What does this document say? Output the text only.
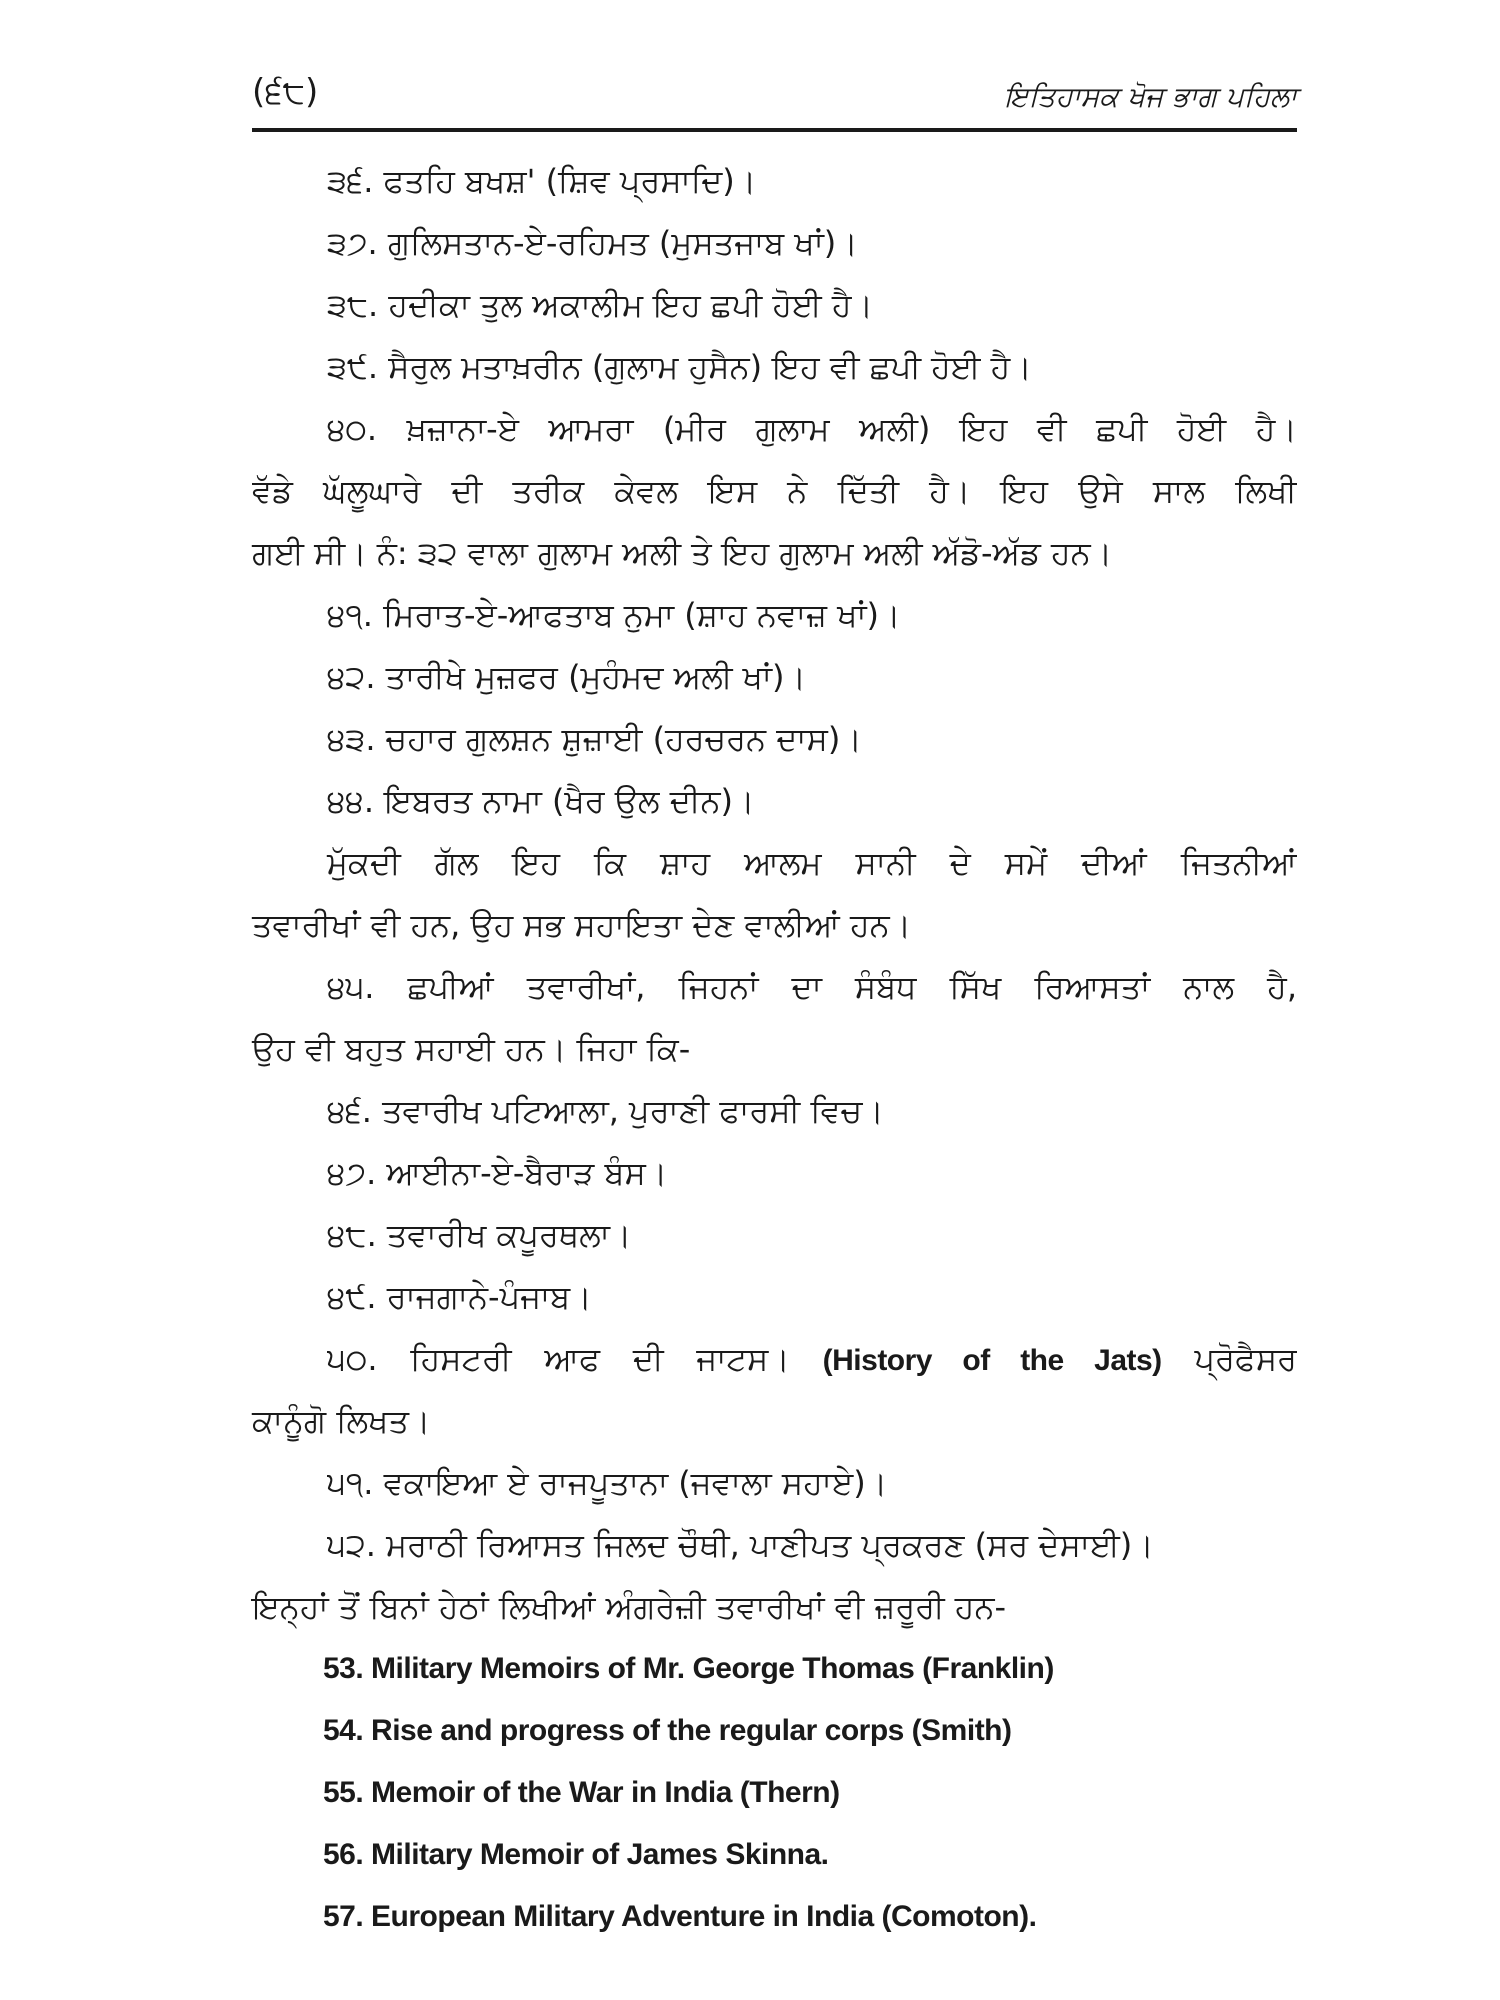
(੬੮)	ਇਤਿਹਾਸਕ ਖੋਜ ਭਾਗ ਪਹਿਲਾ
੩੬. ਫਤਹਿ ਬਖਸ਼' (ਸ਼ਿਵ ਪ੍ਰਸਾਦਿ)।
੩੭. ਗੁਲਿਸਤਾਨ-ਏ-ਰਹਿਮਤ (ਮੁਸਤਜਾਬ ਖਾਂ)।
੩੮. ਹਦੀਕਾ ਤੁਲ ਅਕਾਲੀਮ ਇਹ ਛਪੀ ਹੋਈ ਹੈ।
੩੯. ਸੈਰੁਲ ਮਤਾਖ਼ਰੀਨ (ਗੁਲਾਮ ਹੁਸੈਨ) ਇਹ ਵੀ ਛਪੀ ਹੋਈ ਹੈ।
੪੦. ਖ਼ਜ਼ਾਨਾ-ਏ ਆਮਰਾ (ਮੀਰ ਗੁਲਾਮ ਅਲੀ) ਇਹ ਵੀ ਛਪੀ ਹੋਈ ਹੈ।
ਵੱਡੇ ਘੱਲੂਘਾਰੇ ਦੀ ਤਰੀਕ ਕੇਵਲ ਇਸ ਨੇ ਦਿੱਤੀ ਹੈ। ਇਹ ਉਸੇ ਸਾਲ ਲਿਖੀ
ਗਈ ਸੀ। ਨੰ: ੩੨ ਵਾਲਾ ਗੁਲਾਮ ਅਲੀ ਤੇ ਇਹ ਗੁਲਾਮ ਅਲੀ ਅੱਡੋ-ਅੱਡ ਹਨ।
੪੧. ਮਿਰਾਤ-ਏ-ਆਫਤਾਬ ਨੁਮਾ (ਸ਼ਾਹ ਨਵਾਜ਼ ਖਾਂ)।
੪੨. ਤਾਰੀਖੇ ਮੁਜ਼ਫਰ (ਮੁਹੰਮਦ ਅਲੀ ਖਾਂ)।
੪੩. ਚਹਾਰ ਗੁਲਸ਼ਨ ਸ਼ੁਜ਼ਾਈ (ਹਰਚਰਨ ਦਾਸ)।
੪੪. ਇਬਰਤ ਨਾਮਾ (ਖੈਰ ਉਲ ਦੀਨ)।
ਮੁੱਕਦੀ ਗੱਲ ਇਹ ਕਿ ਸ਼ਾਹ ਆਲਮ ਸਾਨੀ ਦੇ ਸਮੇਂ ਦੀਆਂ ਜਿਤਨੀਆਂ
ਤਵਾਰੀਖਾਂ ਵੀ ਹਨ, ਉਹ ਸਭ ਸਹਾਇਤਾ ਦੇਣ ਵਾਲੀਆਂ ਹਨ।
੪੫. ਛਪੀਆਂ ਤਵਾਰੀਖਾਂ, ਜਿਹਨਾਂ ਦਾ ਸੰਬੰਧ ਸਿੱਖ ਰਿਆਸਤਾਂ ਨਾਲ ਹੈ,
ਉਹ ਵੀ ਬਹੁਤ ਸਹਾਈ ਹਨ। ਜਿਹਾ ਕਿ-
੪੬. ਤਵਾਰੀਖ ਪਟਿਆਲਾ, ਪੁਰਾਣੀ ਫਾਰਸੀ ਵਿਚ।
੪੭. ਆਈਨਾ-ਏ-ਬੈਰਾੜ ਬੰਸ।
੪੮. ਤਵਾਰੀਖ ਕਪੂਰਥਲਾ।
੪੯. ਰਾਜਗਾਨੇ-ਪੰਜਾਬ।
੫੦. ਹਿਸਟਰੀ ਆਫ ਦੀ ਜਾਟਸ। (History of the Jats) ਪ੍ਰੋਫੈਸਰ
ਕਾਨੂੰਗੋ ਲਿਖਤ।
੫੧. ਵਕਾਇਆ ਏ ਰਾਜਪੂਤਾਨਾ (ਜਵਾਲਾ ਸਹਾਏ)।
੫੨. ਮਰਾਠੀ ਰਿਆਸਤ ਜਿਲਦ ਚੌਥੀ, ਪਾਣੀਪਤ ਪ੍ਰਕਰਣ (ਸਰ ਦੇਸਾਈ)।
ਇਨ੍ਹਾਂ ਤੋਂ ਬਿਨਾਂ ਹੇਠਾਂ ਲਿਖੀਆਂ ਅੰਗਰੇਜ਼ੀ ਤਵਾਰੀਖਾਂ ਵੀ ਜ਼ਰੂਰੀ ਹਨ-
53. Military Memoirs of Mr. George Thomas (Franklin)
54. Rise and progress of the regular corps (Smith)
55. Memoir of the War in India (Thern)
56. Military Memoir of James Skinna.
57. European Military Adventure in India (Comoton).
